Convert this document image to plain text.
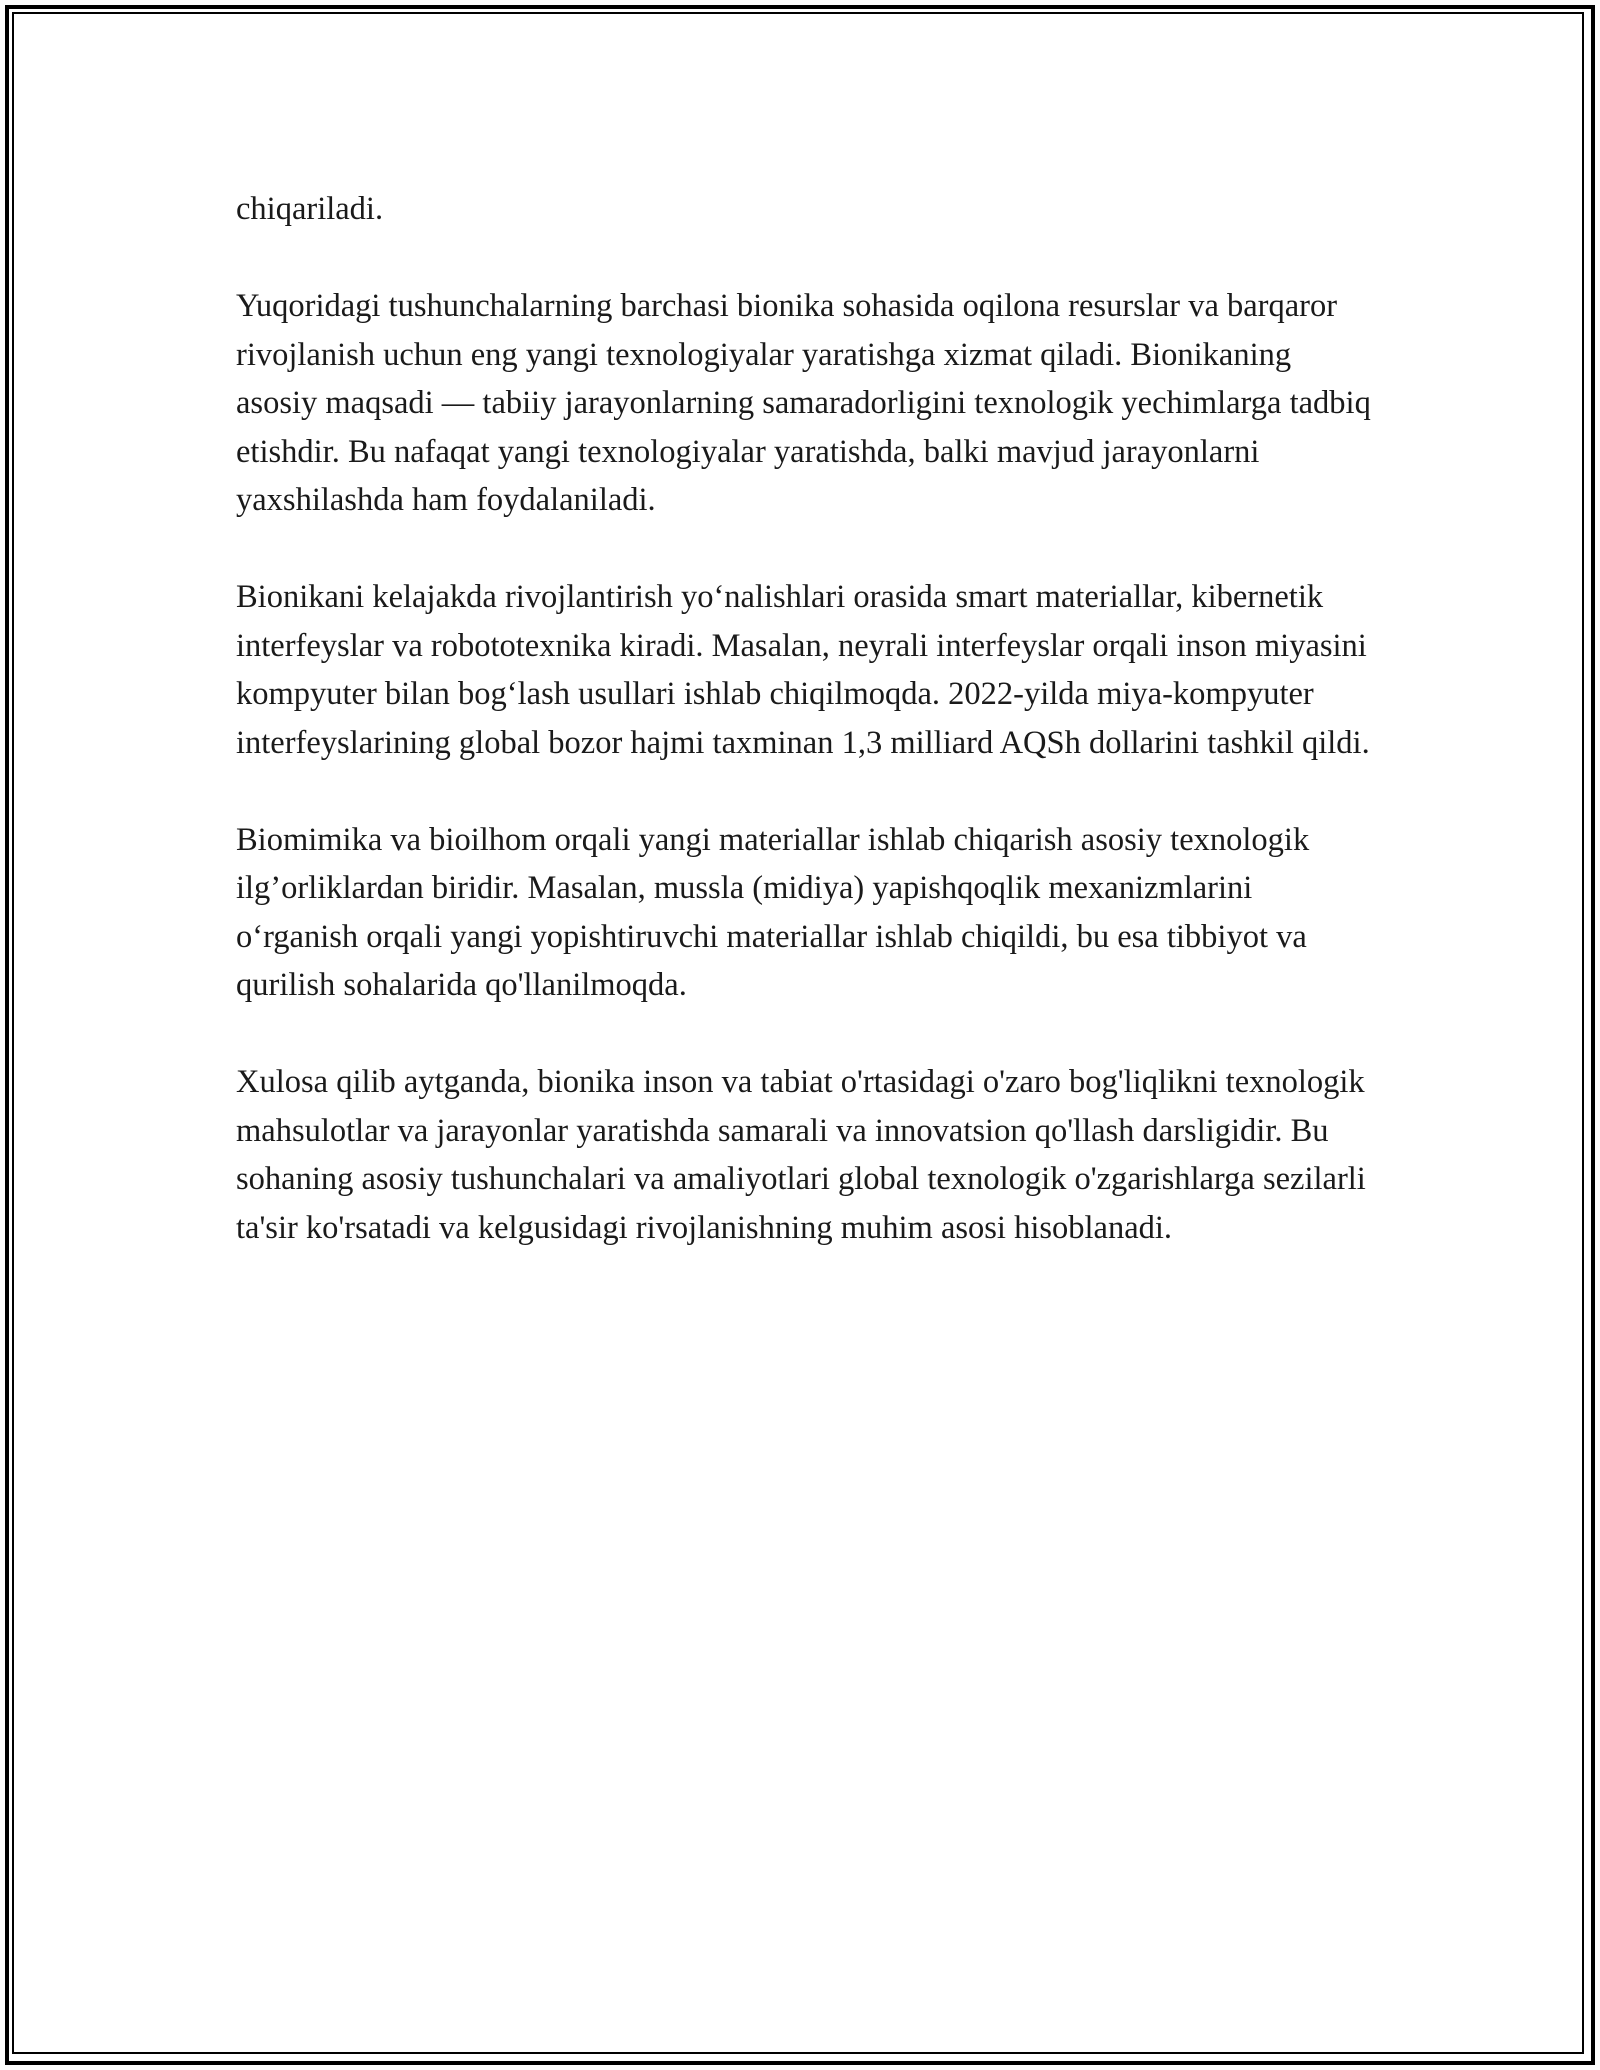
chiqariladi.

Yuqoridagi tushunchalarning barchasi bionika sohasida oqilona resurslar va barqaror rivojlanish uchun eng yangi texnologiyalar yaratishga xizmat qiladi. Bionikaning asosiy maqsadi — tabiiy jarayonlarning samaradorligini texnologik yechimlarga tadbiq etishdir. Bu nafaqat yangi texnologiyalar yaratishda, balki mavjud jarayonlarni yaxshilashda ham foydalaniladi.

Bionikani kelajakda rivojlantirish yoʻnalishlari orasida smart materiallar, kibernetik interfeyslar va robototexnika kiradi. Masalan, neyrali interfeyslar orqali inson miyasini kompyuter bilan bogʻlash usullari ishlab chiqilmoqda. 2022-yilda miya-kompyuter interfeyslarining global bozor hajmi taxminan 1,3 milliard AQSh dollarini tashkil qildi.

Biomimika va bioilhom orqali yangi materiallar ishlab chiqarish asosiy texnologik ilg’orliklardan biridir. Masalan, mussla (midiya) yapishqoqlik mexanizmlarini oʻrganish orqali yangi yopishtiruvchi materiallar ishlab chiqildi, bu esa tibbiyot va qurilish sohalarida qo'llanilmoqda.

Xulosa qilib aytganda, bionika inson va tabiat o'rtasidagi o'zaro bog'liqlikni texnologik mahsulotlar va jarayonlar yaratishda samarali va innovatsion qo'llash darsligidir. Bu sohaning asosiy tushunchalari va amaliyotlari global texnologik o'zgarishlarga sezilarli ta'sir ko'rsatadi va kelgusidagi rivojlanishning muhim asosi hisoblanadi.
